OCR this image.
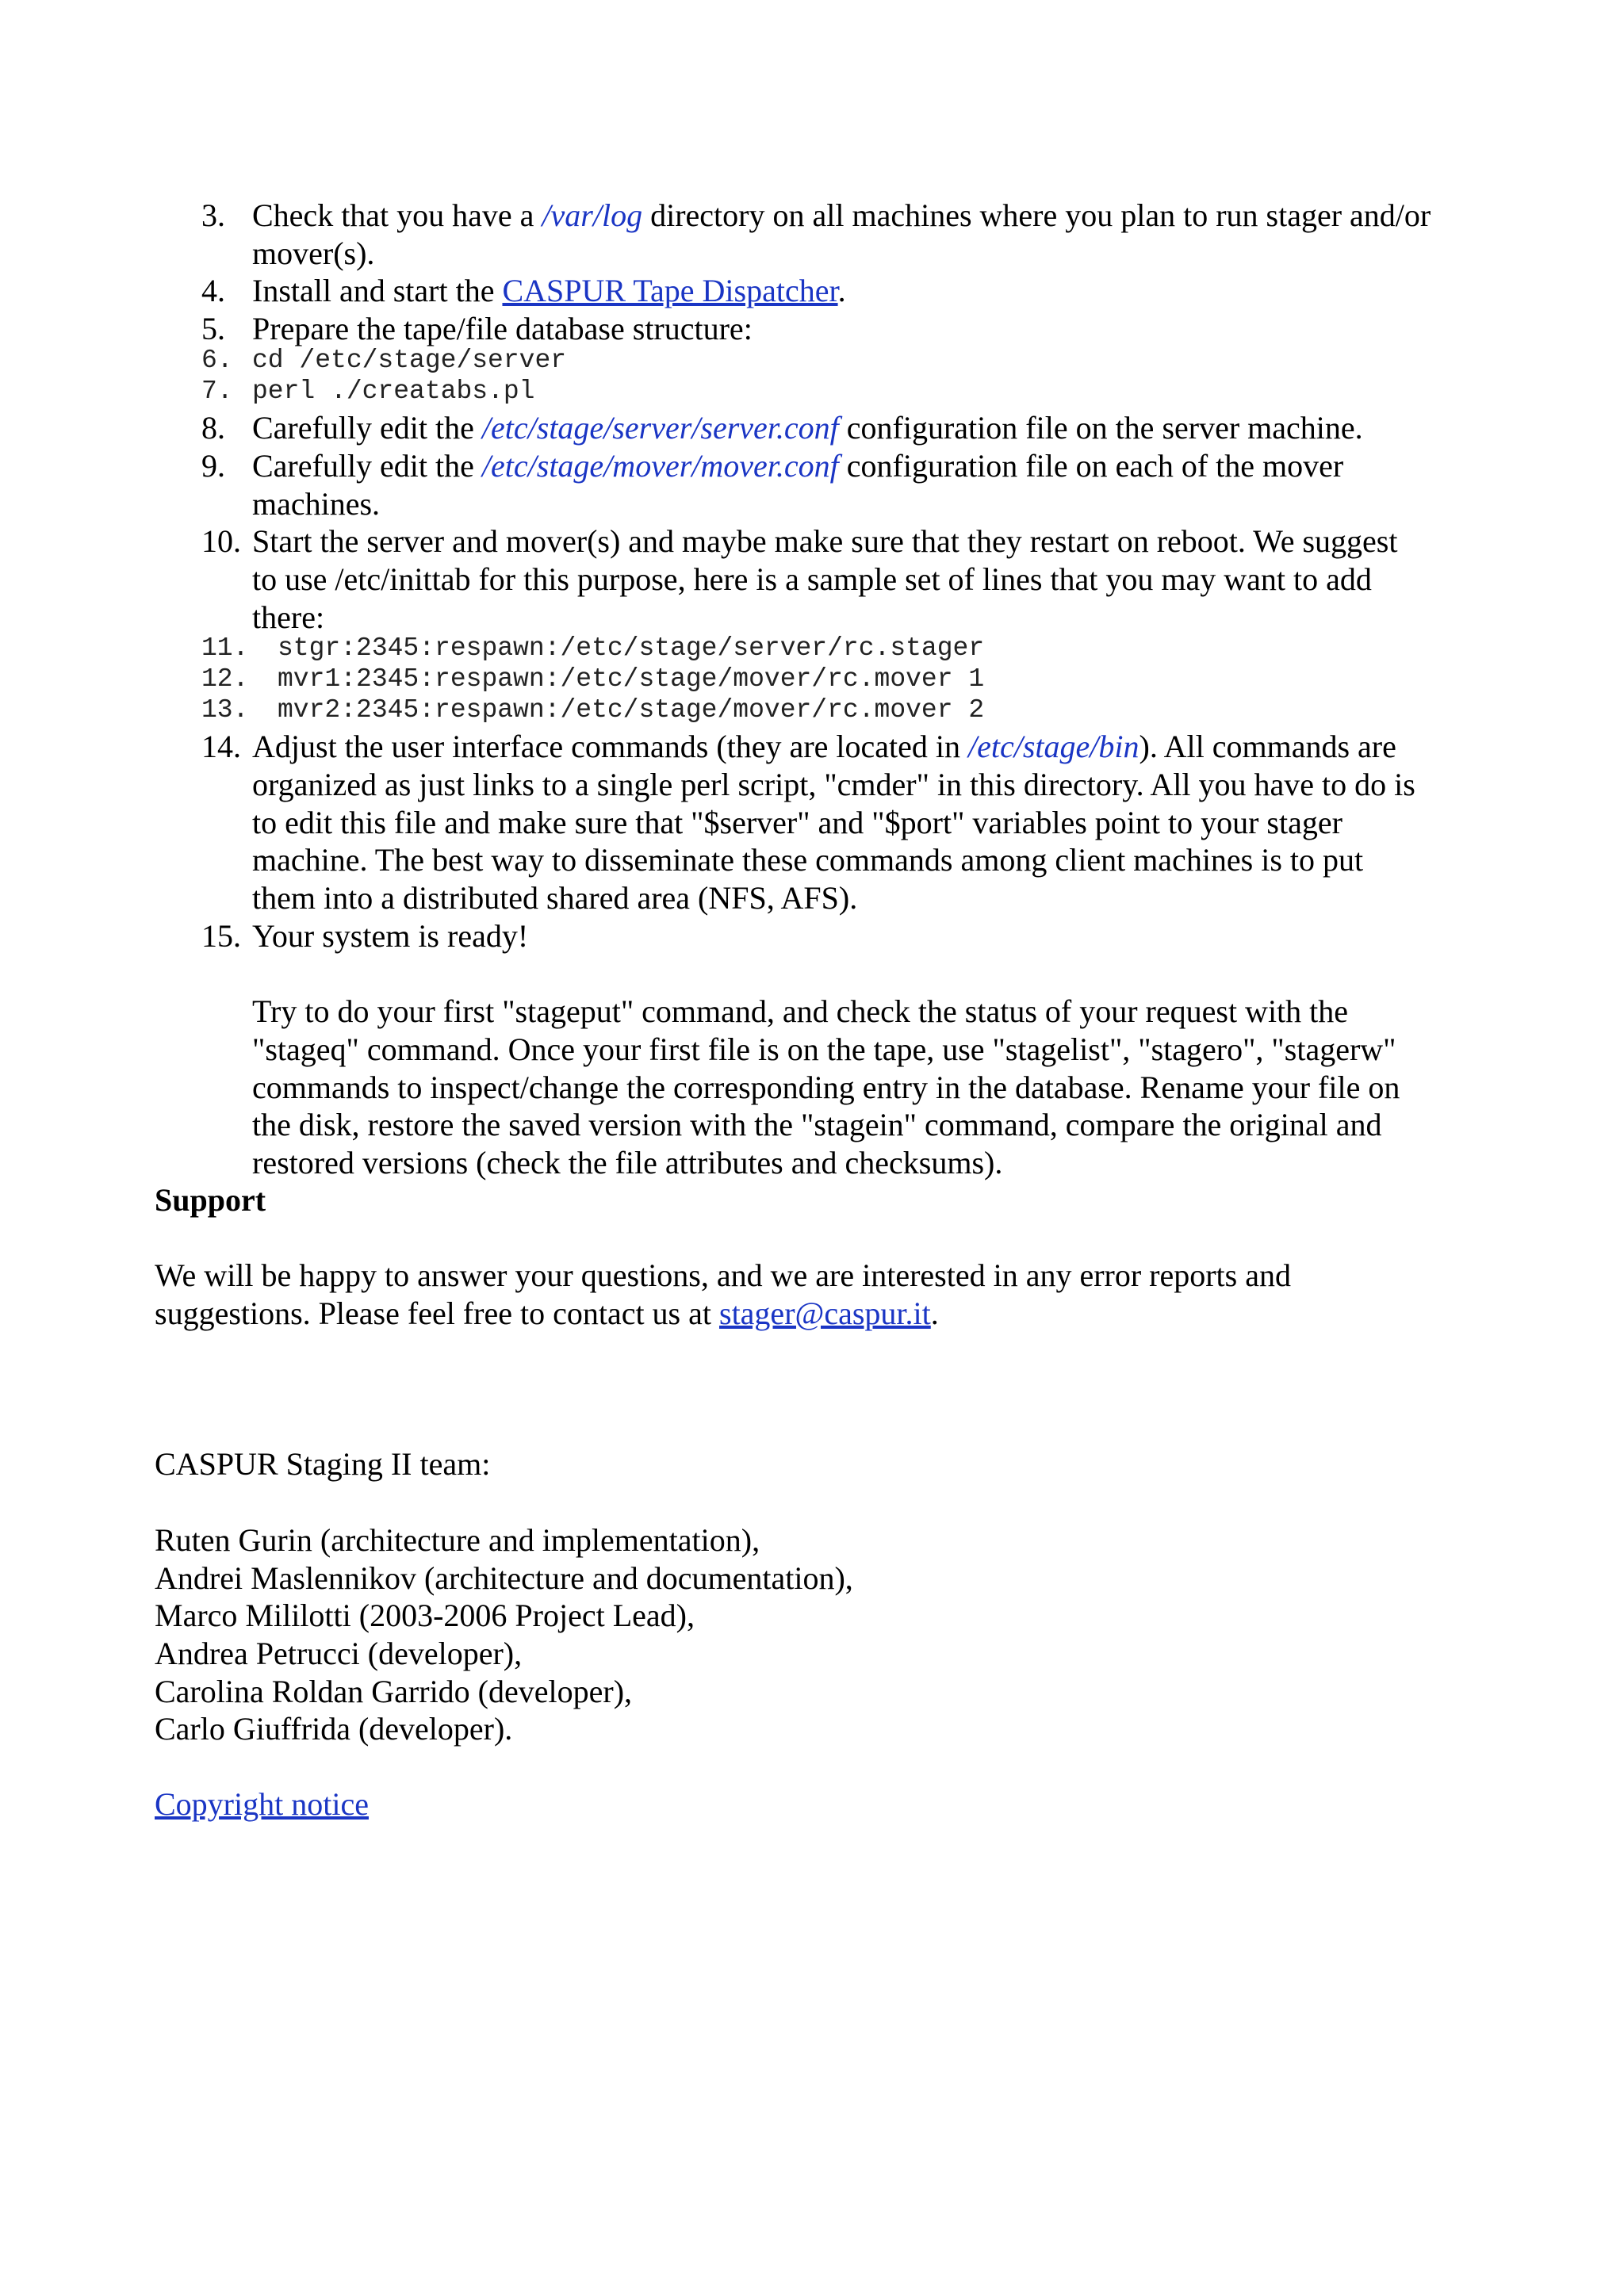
3. Check that you have a /var/log directory on all machines where you plan to run stager and/or
mover(s).
4. Install and start the CASPUR Tape Dispatcher.
5. Prepare the tape/file database structure:
6. cd /etc/stage/server
7. perl ./creatabs.pl
8. Carefully edit the /etc/stage/server/server.conf configuration file on the server machine.
9. Carefully edit the /etc/stage/mover/mover.conf configuration file on each of the mover
machines.
10. Start the server and mover(s) and maybe make sure that they restart on reboot. We suggest
to use /etc/inittab for this purpose, here is a sample set of lines that you may want to add
there:
11. stgr:2345:respawn:/etc/stage/server/rc.stager
12. mvr1:2345:respawn:/etc/stage/mover/rc.mover 1
13. mvr2:2345:respawn:/etc/stage/mover/rc.mover 2
14. Adjust the user interface commands (they are located in /etc/stage/bin). All commands are
organized as just links to a single perl script, "cmder" in this directory. All you have to do is
to edit this file and make sure that "$server" and "$port" variables point to your stager
machine. The best way to disseminate these commands among client machines is to put
them into a distributed shared area (NFS, AFS).
15. Your system is ready!
Try to do your first "stageput" command, and check the status of your request with the
"stageq" command. Once your first file is on the tape, use "stagelist", "stagero", "stagerw"
commands to inspect/change the corresponding entry in the database. Rename your file on
the disk, restore the saved version with the "stagein" command, compare the original and
restored versions (check the file attributes and checksums).
Support
We will be happy to answer your questions, and we are interested in any error reports and
suggestions. Please feel free to contact us at stager@caspur.it.
CASPUR Staging II team:
Ruten Gurin (architecture and implementation),
Andrei Maslennikov (architecture and documentation),
Marco Mililotti (2003-2006 Project Lead),
Andrea Petrucci (developer),
Carolina Roldan Garrido (developer),
Carlo Giuffrida (developer).
Copyright notice
